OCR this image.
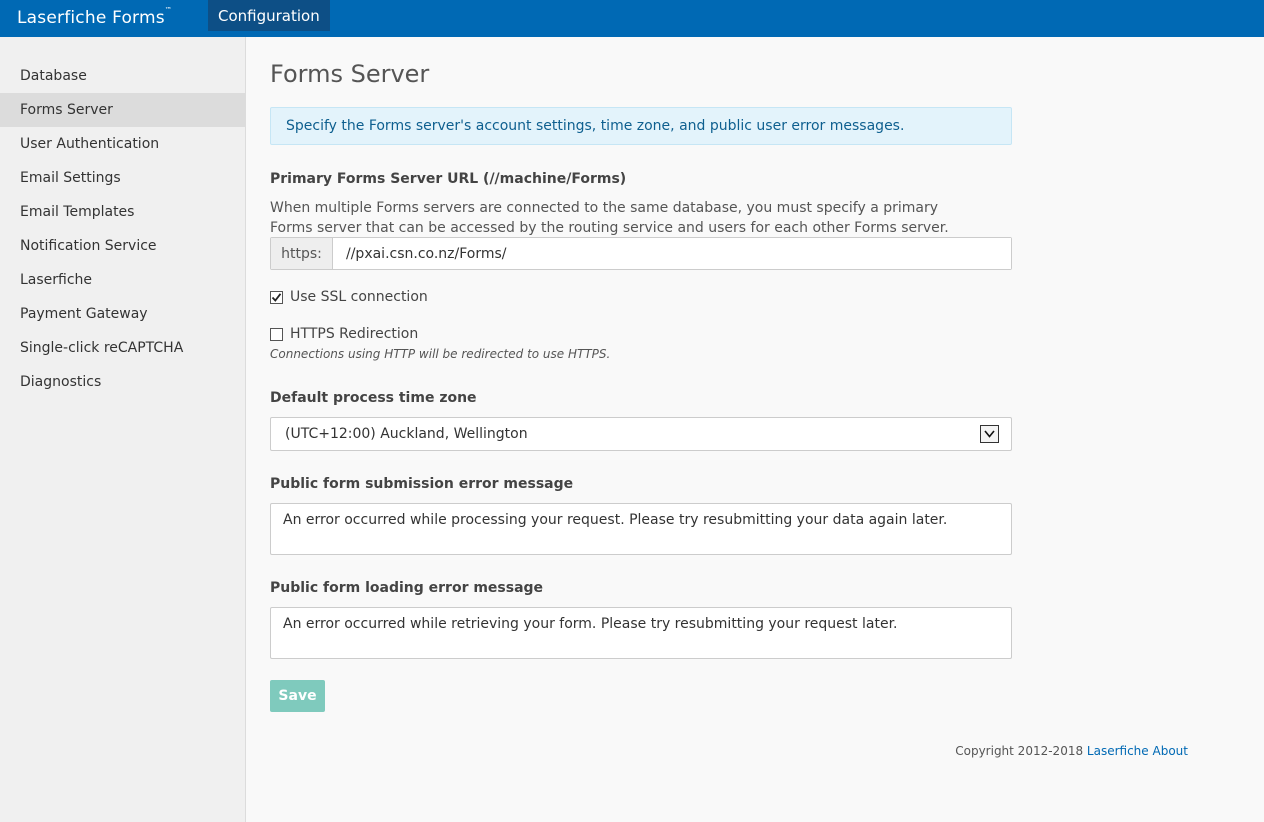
Laserfiche Forms™	Configuration
Database
Forms Server
User Authentication
Email Settings
Email Templates
Notification Service
Laserfiche
Payment Gateway
Single-click reCAPTCHA
Diagnostics
Forms Server
Specify the Forms server's account settings, time zone, and public user error messages.
Primary Forms Server URL (//machine/Forms)
When multiple Forms servers are connected to the same database, you must specify a primary Forms server that can be accessed by the routing service and users for each other Forms server.
https:
//pxai.csn.co.nz/Forms/
Use SSL connection
HTTPS Redirection
Connections using HTTP will be redirected to use HTTPS.
Default process time zone
(UTC+12:00) Auckland, Wellington
Public form submission error message
An error occurred while processing your request. Please try resubmitting your data again later.
Public form loading error message
An error occurred while retrieving your form. Please try resubmitting your request later.
Save
Copyright 2012-2018 Laserfiche About
